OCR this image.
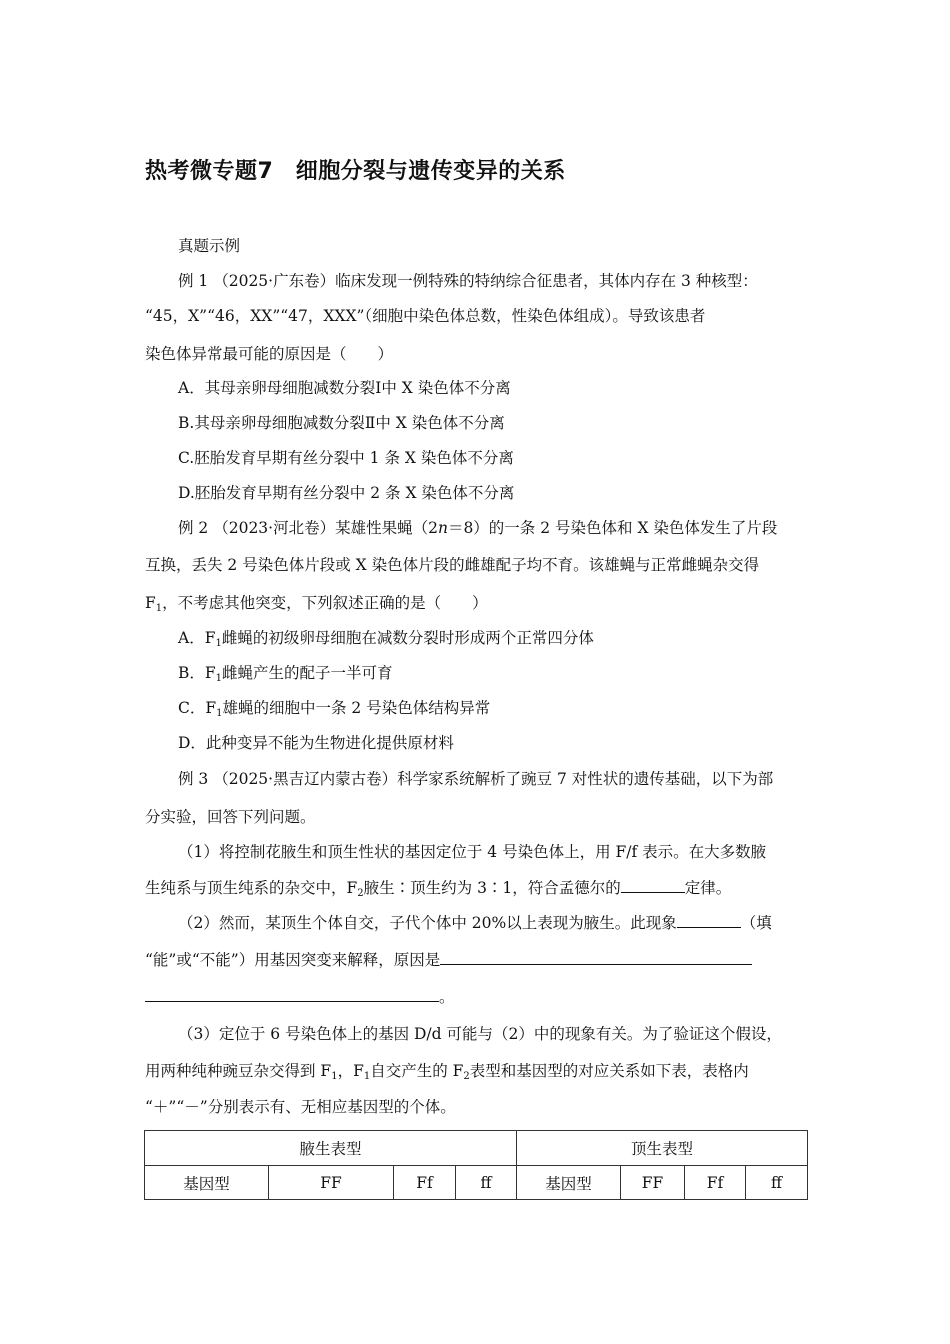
热考微专题7　细胞分裂与遗传变异的关系
真题示例
例 1 （2025·广东卷）临床发现一例特殊的特纳综合征患者，其体内存在 3 种核型：
“45，X”“46，XX”“47，XXX”（细胞中染色体总数，性染色体组成）。导致该患者
染色体异常最可能的原因是（　　）
A．其母亲卵母细胞减数分裂Ⅰ中 X 染色体不分离
B.其母亲卵母细胞减数分裂Ⅱ中 X 染色体不分离
C.胚胎发育早期有丝分裂中 1 条 X 染色体不分离
D.胚胎发育早期有丝分裂中 2 条 X 染色体不分离
例 2 （2023·河北卷）某雄性果蝇（2n＝8）的一条 2 号染色体和 X 染色体发生了片段
互换，丢失 2 号染色体片段或 X 染色体片段的雌雄配子均不育。该雄蝇与正常雌蝇杂交得
$F_1$，不考虑其他突变，下列叙述正确的是（　　）
A．$F_1$雌蝇的初级卵母细胞在减数分裂时形成两个正常四分体
B．$F_1$雌蝇产生的配子一半可育
C．$F_1$雄蝇的细胞中一条 2 号染色体结构异常
D．此种变异不能为生物进化提供原材料
例 3 （2025·黑吉辽内蒙古卷）科学家系统解析了豌豆 7 对性状的遗传基础，以下为部
分实验，回答下列问题。
（1）将控制花腋生和顶生性状的基因定位于 4 号染色体上，用 F/f 表示。在大多数腋
生纯系与顶生纯系的杂交中，$F_2$腋生∶顶生约为 3∶1，符合孟德尔的	定律。
（2）然而，某顶生个体自交，子代个体中 20%以上表现为腋生。此现象	（填
“能”或“不能”）用基因突变来解释，原因是
。
（3）定位于 6 号染色体上的基因 D/d 可能与（2）中的现象有关。为了验证这个假设，
用两种纯种豌豆杂交得到 $F_1$，$F_1$自交产生的 $F_2$表型和基因型的对应关系如下表，表格内
“＋”“－”分别表示有、无相应基因型的个体。
腋生表型				顶生表型			
基因型	FF	Ff	ff	基因型	FF	Ff	ff
